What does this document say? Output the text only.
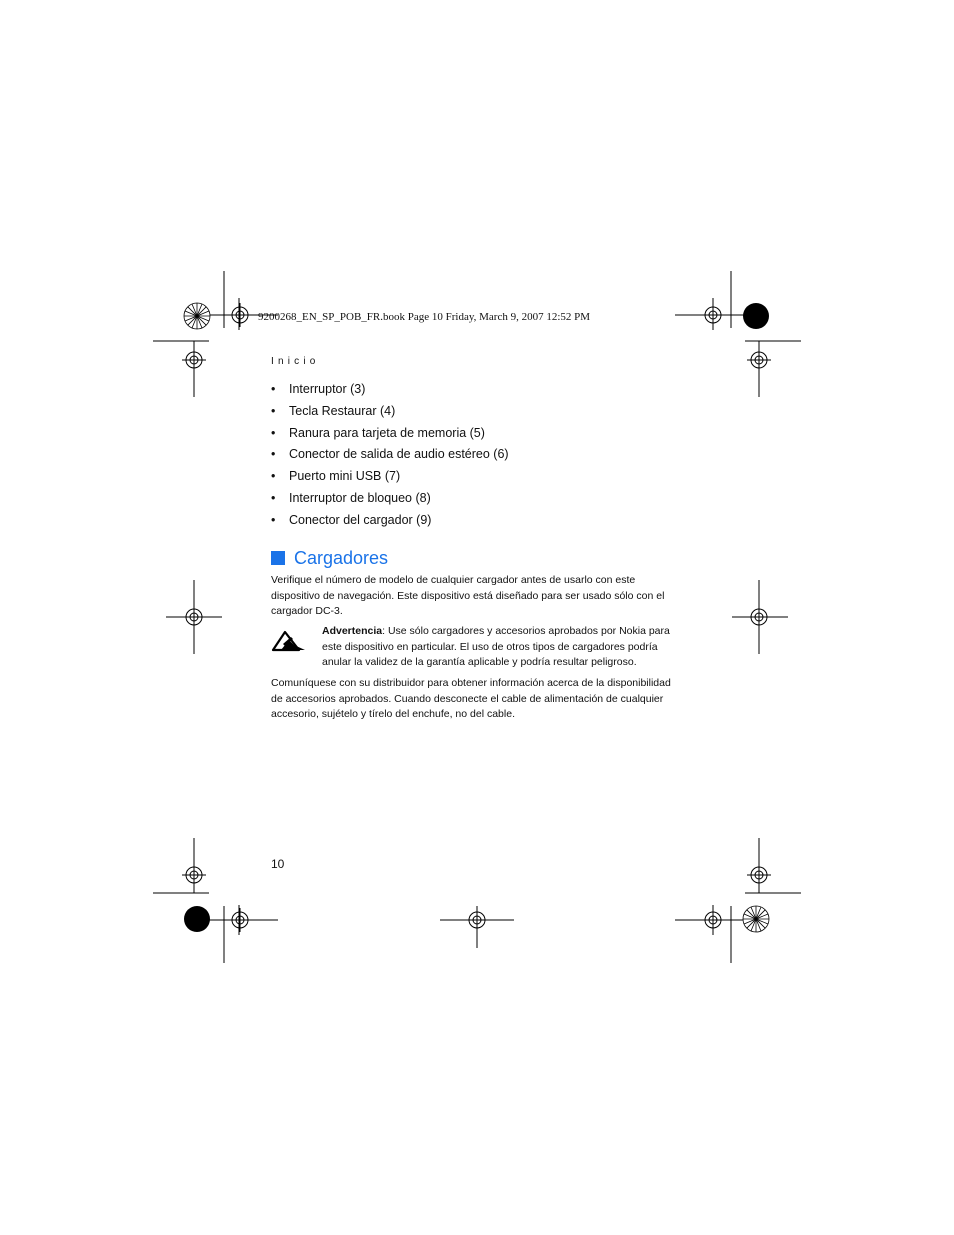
9200268_EN_SP_POB_FR.book Page 10 Friday, March 9, 2007 12:52 PM
Inicio
• Interruptor (3)
• Tecla Restaurar (4)
• Ranura para tarjeta de memoria (5)
• Conector de salida de audio estéreo (6)
• Puerto mini USB (7)
• Interruptor de bloqueo (8)
• Conector del cargador (9)
Cargadores

Verifique el número de modelo de cualquier cargador antes de usarlo con este dispositivo de navegación. Este dispositivo está diseñado para ser usado sólo con el cargador DC-3.

Advertencia: Use sólo cargadores y accesorios aprobados por Nokia para este dispositivo en particular. El uso de otros tipos de cargadores podría anular la validez de la garantía aplicable y podría resultar peligroso.

Comuníquese con su distribuidor para obtener información acerca de la disponibilidad de accesorios aprobados. Cuando desconecte el cable de alimentación de cualquier accesorio, sujételo y tírelo del enchufe, no del cable.

10
